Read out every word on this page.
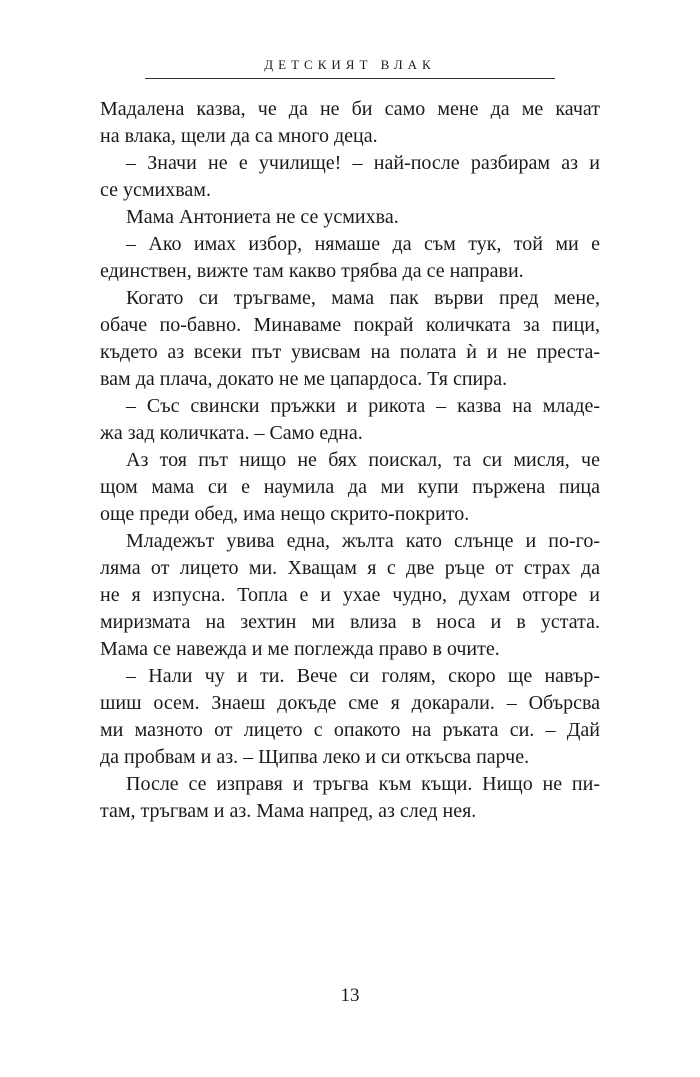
ДЕТСКИЯТ ВЛАК
Мадалена казва, че да не би само мене да ме качат
на влака, щели да са много деца.
– Значи не е училище! – най-после разбирам аз и
се усмихвам.
Мама Антониета не се усмихва.
– Ако имах избор, нямаше да съм тук, той ми е
единствен, вижте там какво трябва да се направи.
Когато си тръгваме, мама пак върви пред мене,
обаче по-бавно. Минаваме покрай количката за пици,
където аз всеки път увисвам на полата ѝ и не преста-
вам да плача, докато не ме цапардоса. Тя спира.
– Със свински пръжки и рикота – казва на младе-
жа зад количката. – Само една.
Аз тоя път нищо не бях поискал, та си мисля, че
щом мама си е наумила да ми купи пържена пица
още преди обед, има нещо скрито-покрито.
Младежът увива една, жълта като слънце и по-го-
ляма от лицето ми. Хващам я с две ръце от страх да
не я изпусна. Топла е и ухае чудно, духам отгоре и
миризмата на зехтин ми влиза в носа и в устата.
Мама се навежда и ме поглежда право в очите.
– Нали чу и ти. Вече си голям, скоро ще навър-
шиш осем. Знаеш докъде сме я докарали. – Обърсва
ми мазното от лицето с опакото на ръката си. – Дай
да пробвам и аз. – Щипва леко и си откъсва парче.
После се изправя и тръгва към къщи. Нищо не пи-
там, тръгвам и аз. Мама напред, аз след нея.
13
